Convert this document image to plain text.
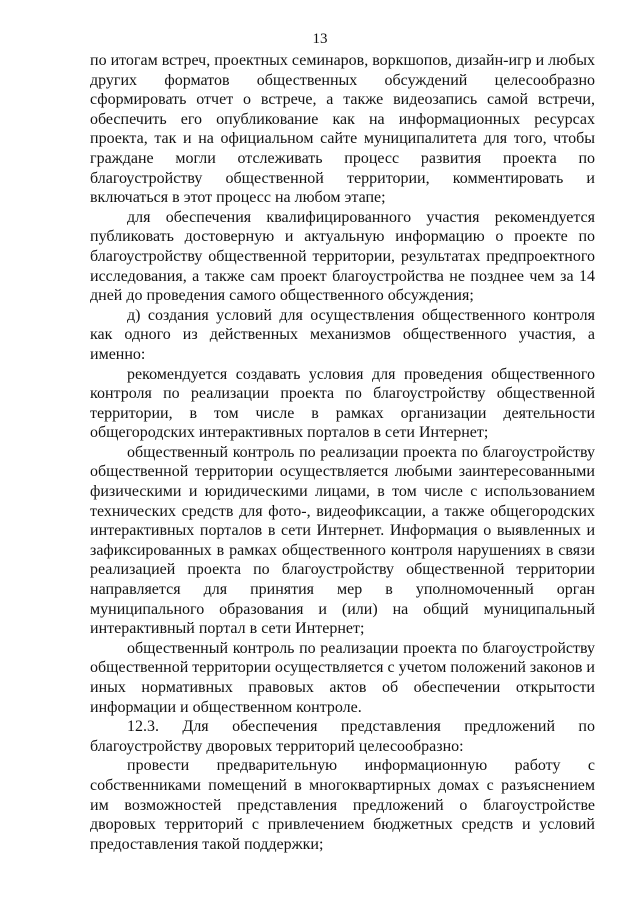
13

по итогам встреч, проектных семинаров, воркшопов, дизайн-игр и любых других форматов общественных обсуждений целесообразно сформировать отчет о встрече, а также видеозапись самой встречи, обеспечить его опубликование как на информационных ресурсах проекта, так и на официальном сайте муниципалитета для того, чтобы граждане могли отслеживать процесс развития проекта по благоустройству общественной территории, комментировать и включаться в этот процесс на любом этапе;

для обеспечения квалифицированного участия рекомендуется публиковать достоверную и актуальную информацию о проекте по благоустройству общественной территории, результатах предпроектного исследования, а также сам проект благоустройства не позднее чем за 14 дней до проведения самого общественного обсуждения;

д) создания условий для осуществления общественного контроля как одного из действенных механизмов общественного участия, а именно:

рекомендуется создавать условия для проведения общественного контроля по реализации проекта по благоустройству общественной территории, в том числе в рамках организации деятельности общегородских интерактивных порталов в сети Интернет;

общественный контроль по реализации проекта по благоустройству общественной территории осуществляется любыми заинтересованными физическими и юридическими лицами, в том числе с использованием технических средств для фото-, видеофиксации, а также общегородских интерактивных порталов в сети Интернет. Информация о выявленных и зафиксированных в рамках общественного контроля нарушениях в связи реализацией проекта по благоустройству общественной территории направляется для принятия мер в уполномоченный орган муниципального образования и (или) на общий муниципальный интерактивный портал в сети Интернет;

общественный контроль по реализации проекта по благоустройству общественной территории осуществляется с учетом положений законов и иных нормативных правовых актов об обеспечении открытости информации и общественном контроле.

12.3. Для обеспечения представления предложений по благоустройству дворовых территорий целесообразно:

провести предварительную информационную работу с собственниками помещений в многоквартирных домах с разъяснением им возможностей представления предложений о благоустройстве дворовых территорий с привлечением бюджетных средств и условий предоставления такой поддержки;
